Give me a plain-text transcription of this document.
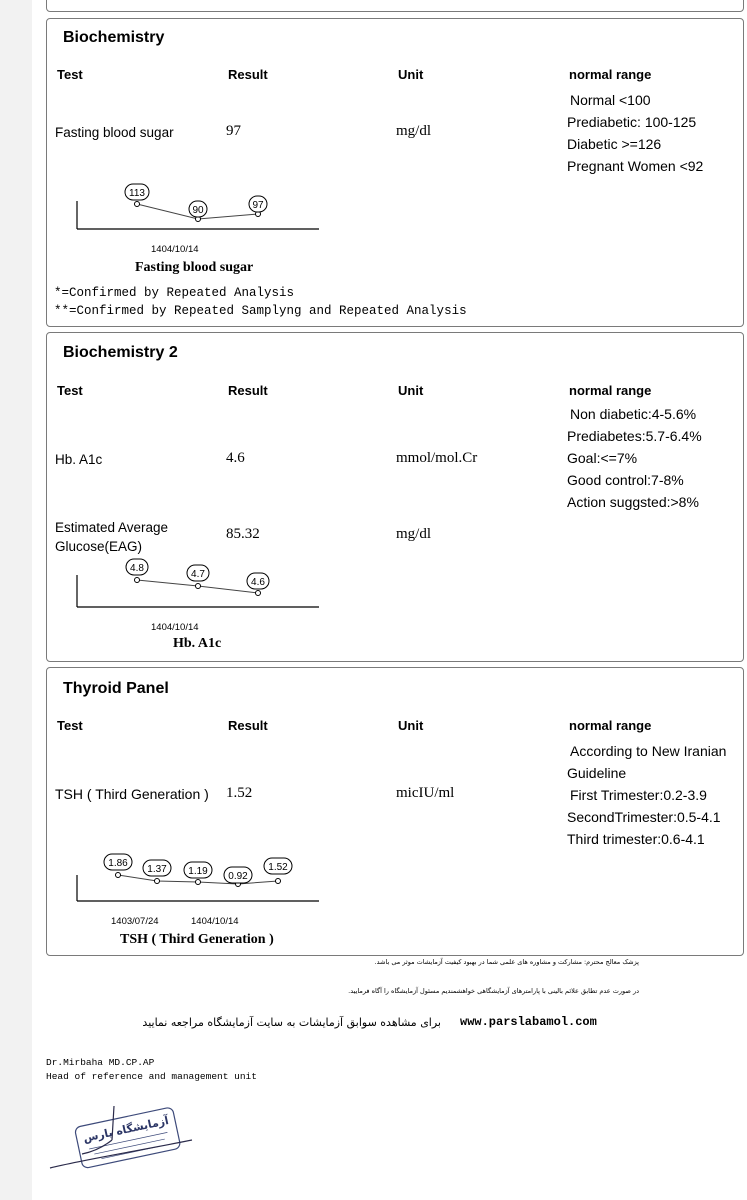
Biochemistry
Test	Result	Unit	normal range
Fasting blood sugar	97	mg/dl
Normal <100
Prediabetic: 100-125
Diabetic >=126
Pregnant Women <92
113
90	97
1404/10/14
Fasting blood sugar
*=Confirmed by Repeated Analysis
**=Confirmed by Repeated Samplyng and Repeated Analysis
Biochemistry 2
Test	Result	Unit	normal range
Hb. A1c	4.6	mmol/mol.Cr
Non diabetic:4-5.6%
Prediabetes:5.7-6.4%
Goal:<=7%
Good control:7-8%
Action suggsted:>8%
Estimated Average
Glucose(EAG)
85.32	mg/dl
4.8
4.7
4.6
1404/10/14
Hb. A1c
Thyroid Panel
Test	Result	Unit	normal range
TSH ( Third Generation ) 1.52	micIU/ml
According to New Iranian
Guideline
First Trimester:0.2-3.9
SecondTrimester:0.5-4.1
Third trimester:0.6-4.1
1.86
1.37 1.19 0.92
1.52
1403/07/24	1404/10/14
TSH ( Third Generation )
پزشک معالج محترم: مشارکت و مشاوره های علمی شما در بهبود کیفیت آزمایشات موثر می باشد.
در صورت عدم تطابق علائم بالینی با پارامترهای آزمایشگاهی خواهشمندیم مسئول آزمایشگاه را آگاه فرمایید.
www.parslabamol.com
برای مشاهده سوابق آزمایشات به سایت آزمایشگاه مراجعه نمایید
Dr.Mirbaha MD.CP.AP
Head of reference and management unit
آزمایشگاه پارس
